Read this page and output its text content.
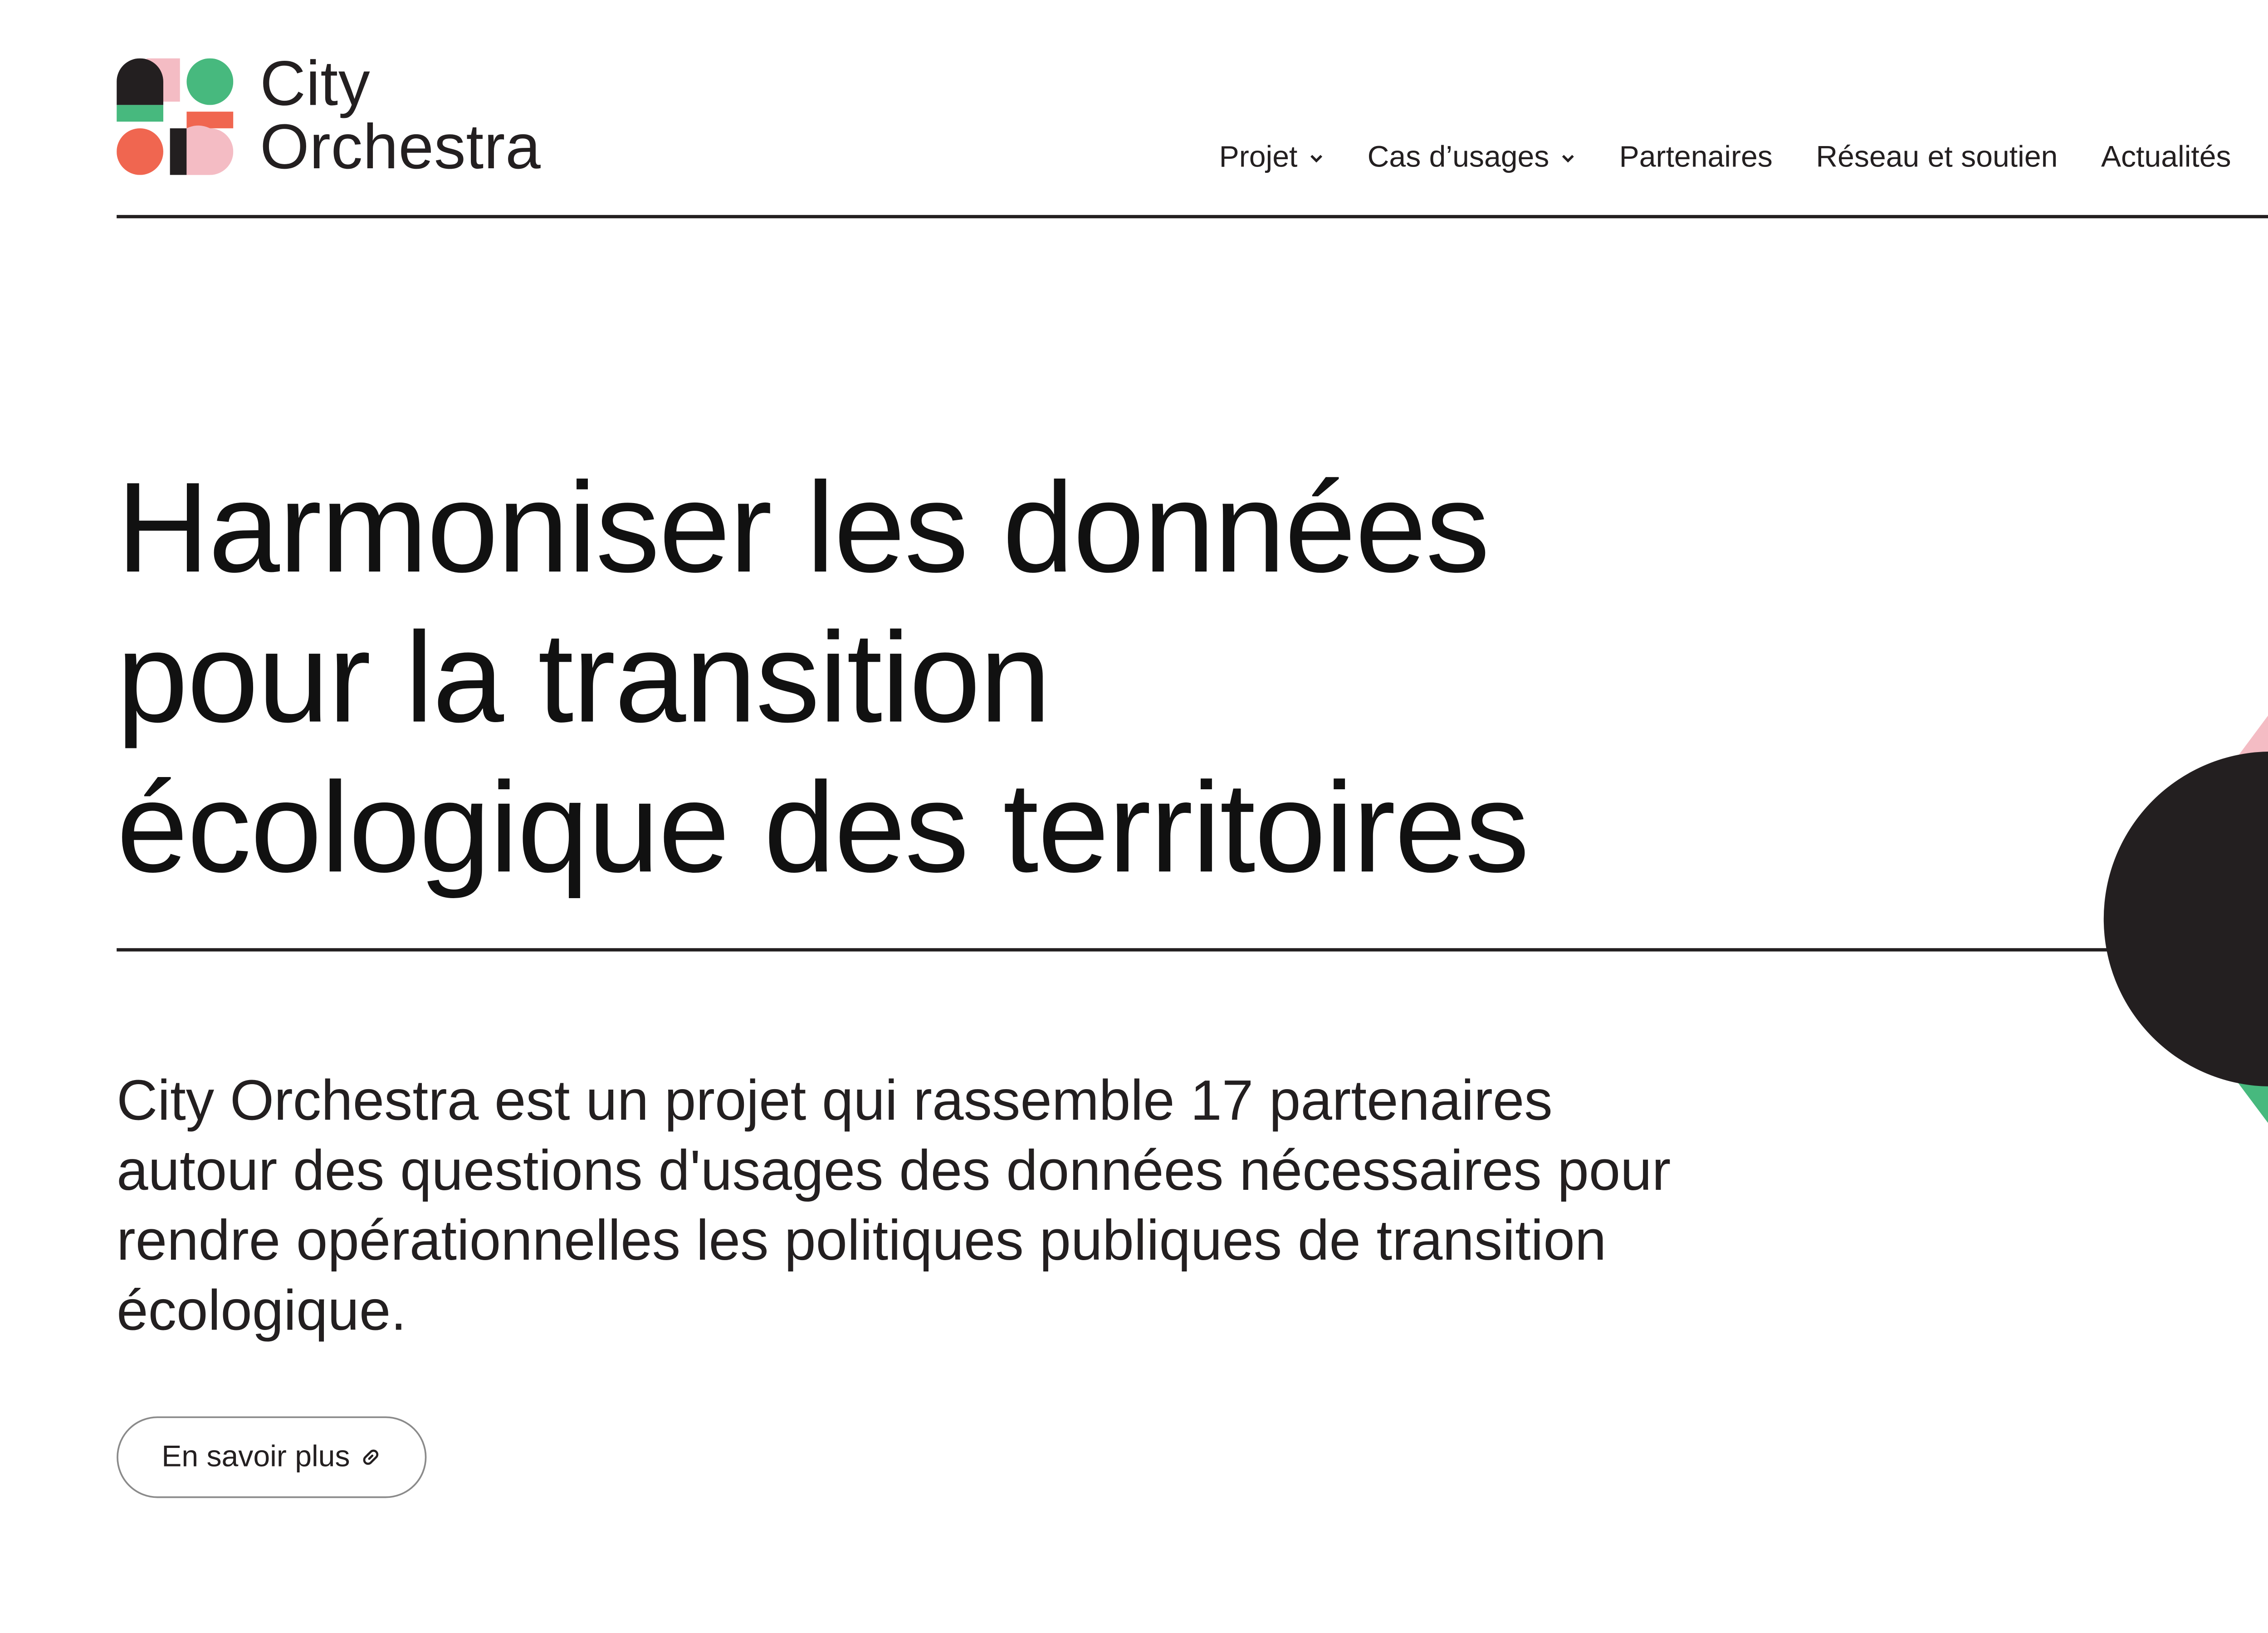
City
Orchestra	Projet	Cas d’usages	Partenaires	Réseau et soutien	Actualités
Harmoniser les données
pour la transition
écologique des territoires

City Orchestra est un projet qui rassemble 17 partenaires autour des questions d'usages des données nécessaires pour rendre opérationnelles les politiques publiques de transition écologique.

En savoir plus
